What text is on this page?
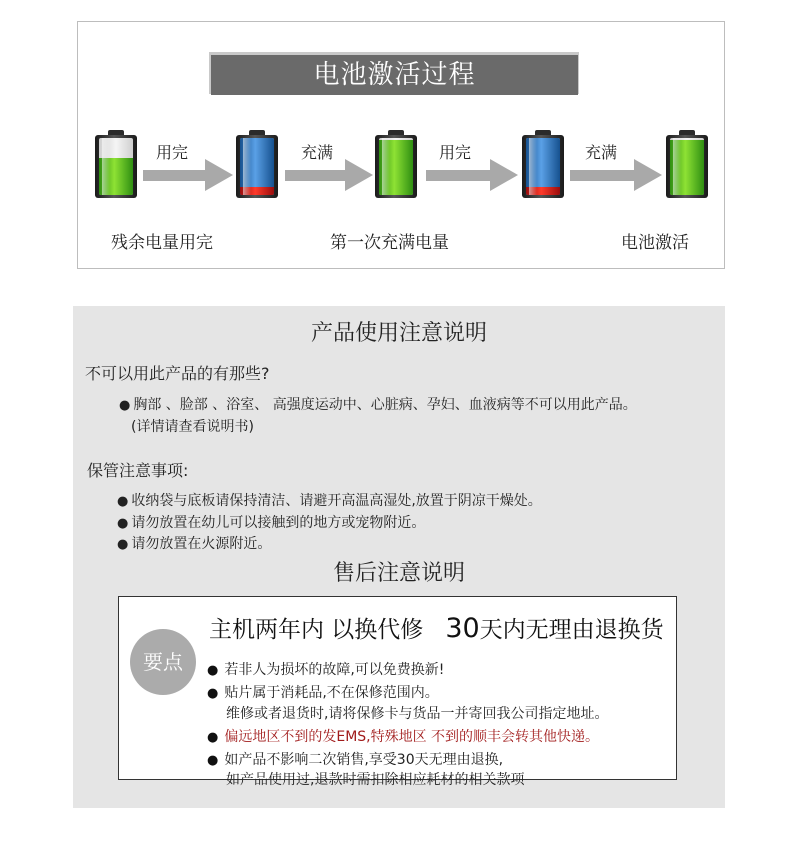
电池激活过程
用完	充满	用完	充满
残余电量用完	第一次充满电量	电池激活
产品使用注意说明
不可以用此产品的有那些?
● 胸部 、脸部 、浴室、 高强度运动中、心脏病、孕妇、血液病等不可以用此产品。
(详情请查看说明书)
保管注意事项:
● 收纳袋与底板请保持清洁、请避开高温高湿处,放置于阴凉干燥处。
● 请勿放置在幼儿可以接触到的地方或宠物附近。
● 请勿放置在火源附近。
售后注意说明
要点
主机两年内 以换代修 30天内无理由退换货
● 若非人为损坏的故障,可以免费换新!
● 贴片属于消耗品,不在保修范围内。
维修或者退货时,请将保修卡与货品一并寄回我公司指定地址。
● 偏远地区不到的发EMS,特殊地区 不到的顺丰会转其他快递。
● 如产品不影响二次销售,享受30天无理由退换,
如产品使用过,退款时需扣除相应耗材的相关款项
